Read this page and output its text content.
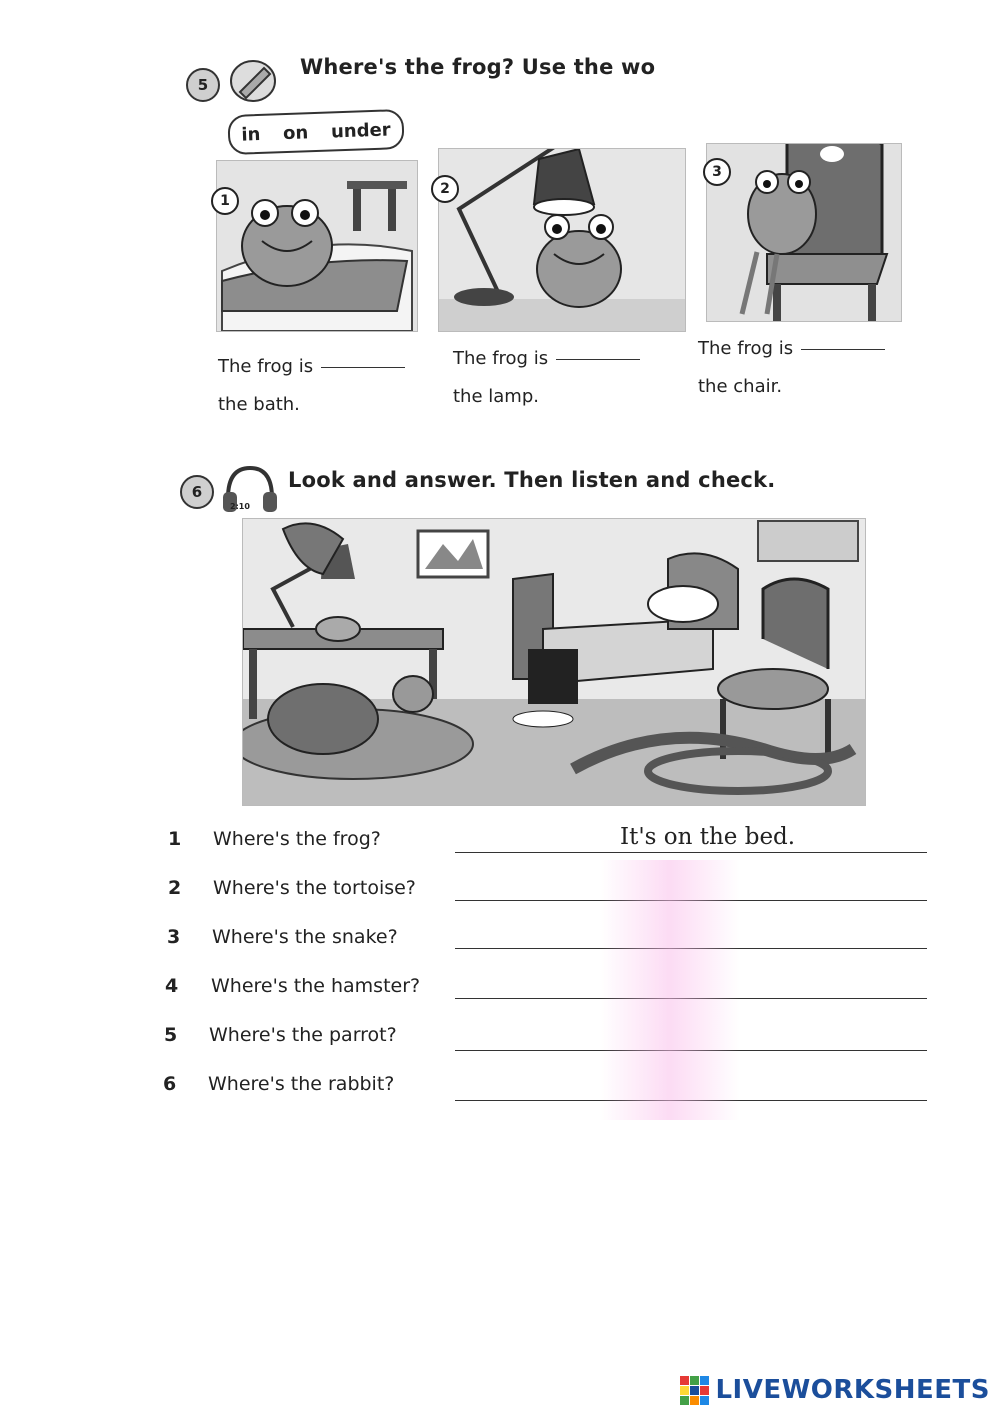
5
Where's the frog? Use the wo
in on under
1
2
3
The frog is
the bath.
The frog is
the lamp.
The frog is
the chair.
6
2:10
Look and answer. Then listen and check.
1 Where's the frog?	It's on the bed.
2 Where's the tortoise?
3 Where's the snake?
4 Where's the hamster?
5 Where's the parrot?
6 Where's the rabbit?
LIVEWORKSHEETS
